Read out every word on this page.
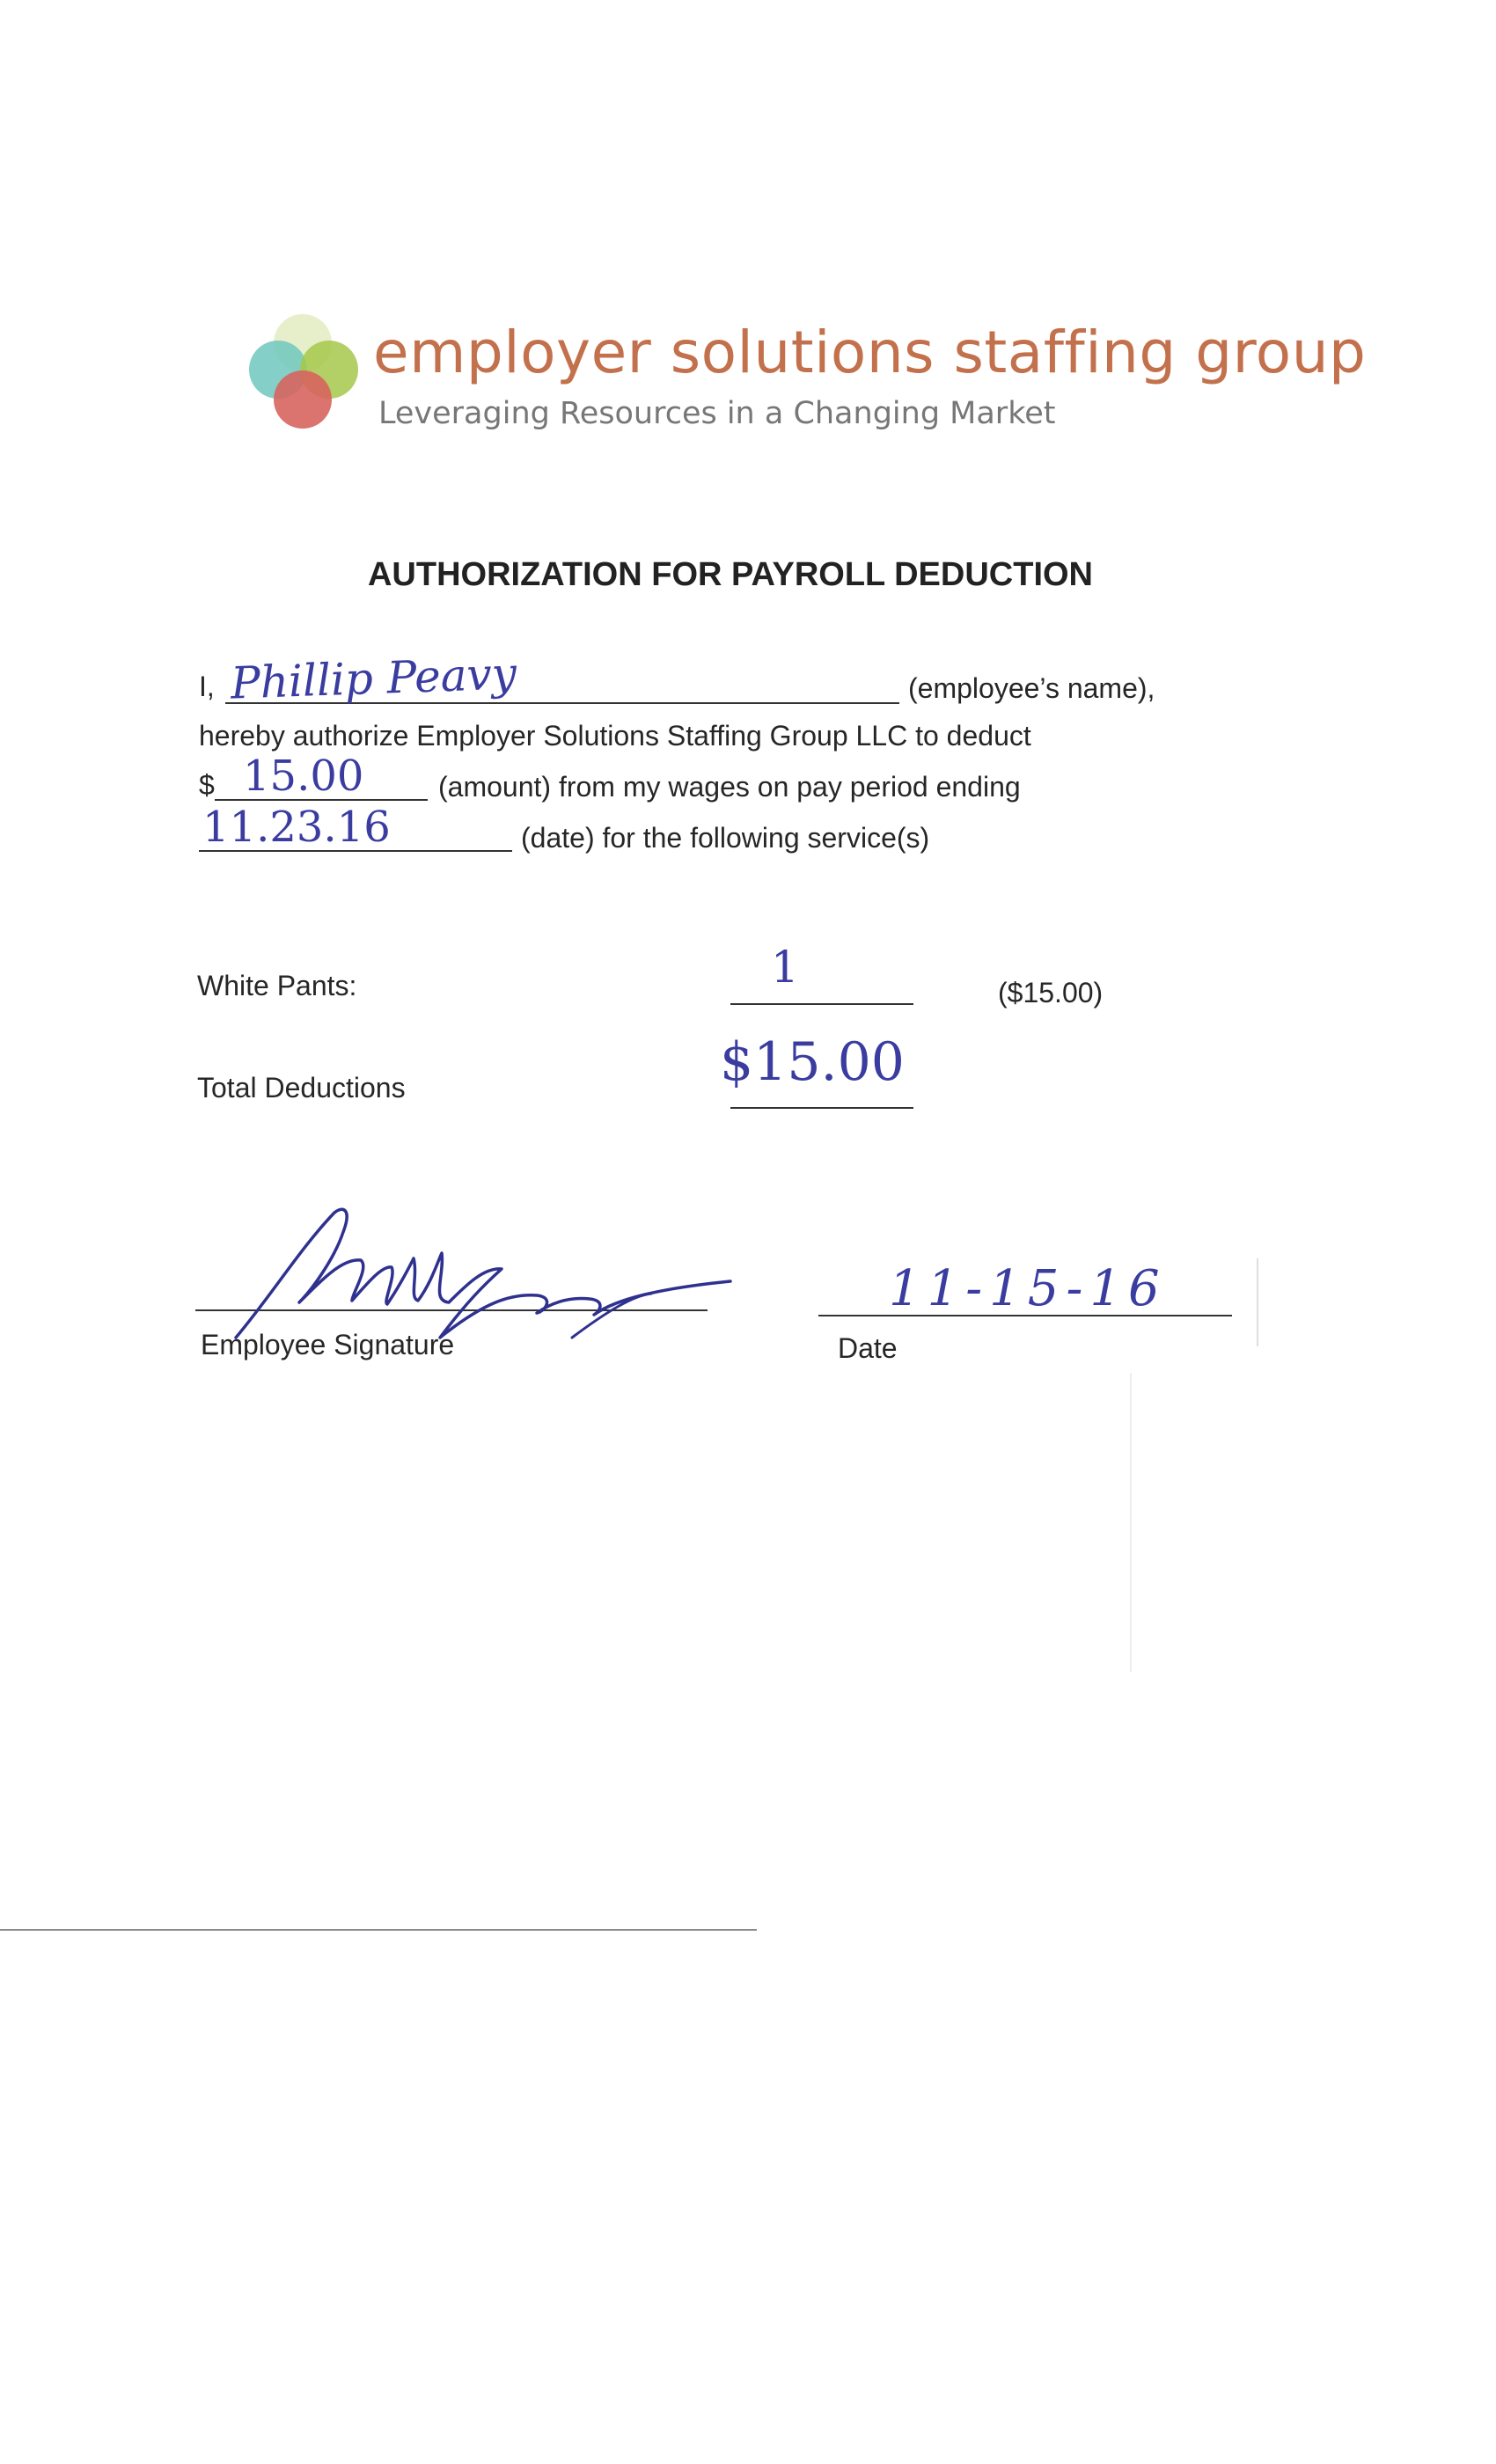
employer solutions staffing group
Leveraging Resources in a Changing Market
AUTHORIZATION FOR PAYROLL DEDUCTION
I, Phillip Peavy	(employee’s name),
hereby authorize Employer Solutions Staffing Group LLC to deduct
$ 15.00	(amount) from my wages on pay period ending
11.23.16	(date) for the following service(s)
White Pants:	1	($15.00)
Total Deductions	$15.00
Employee Signature
11-15-16
Date
